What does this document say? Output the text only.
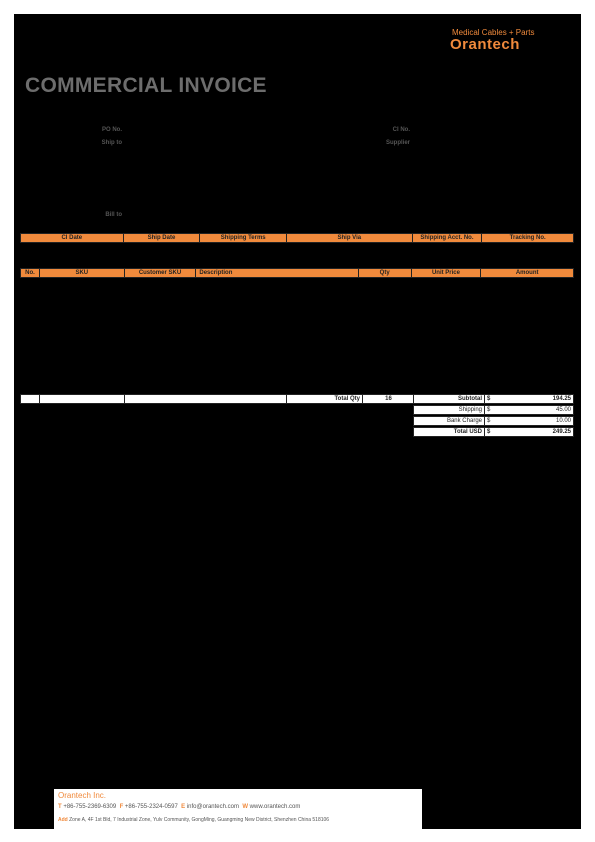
Medical Cables + Parts
Orantech
COMMERCIAL INVOICE
PO No.
Ship to
CI No.
Supplier
Bill to
CI Date	Ship Date	Shipping Terms	Ship Via	Shipping Acct. No.	Tracking No.
No.	SKU	Customer SKU	Description	Qty	Unit Price	Amount
Total Qty	16	Subtotal $	194.25
Shipping $	45.00
Bank Charge $	10.00
Total USD $	249.25
Orantech Inc.
T +86-755-2369-6309 F +86-755-2324-0597 E info@orantech.com W www.orantech.com
Add Zone A, 4F 1st Bld, 7 Industrial Zone, Yulv Community, GongMing, Guangming New District, Shenzhen China 518106
